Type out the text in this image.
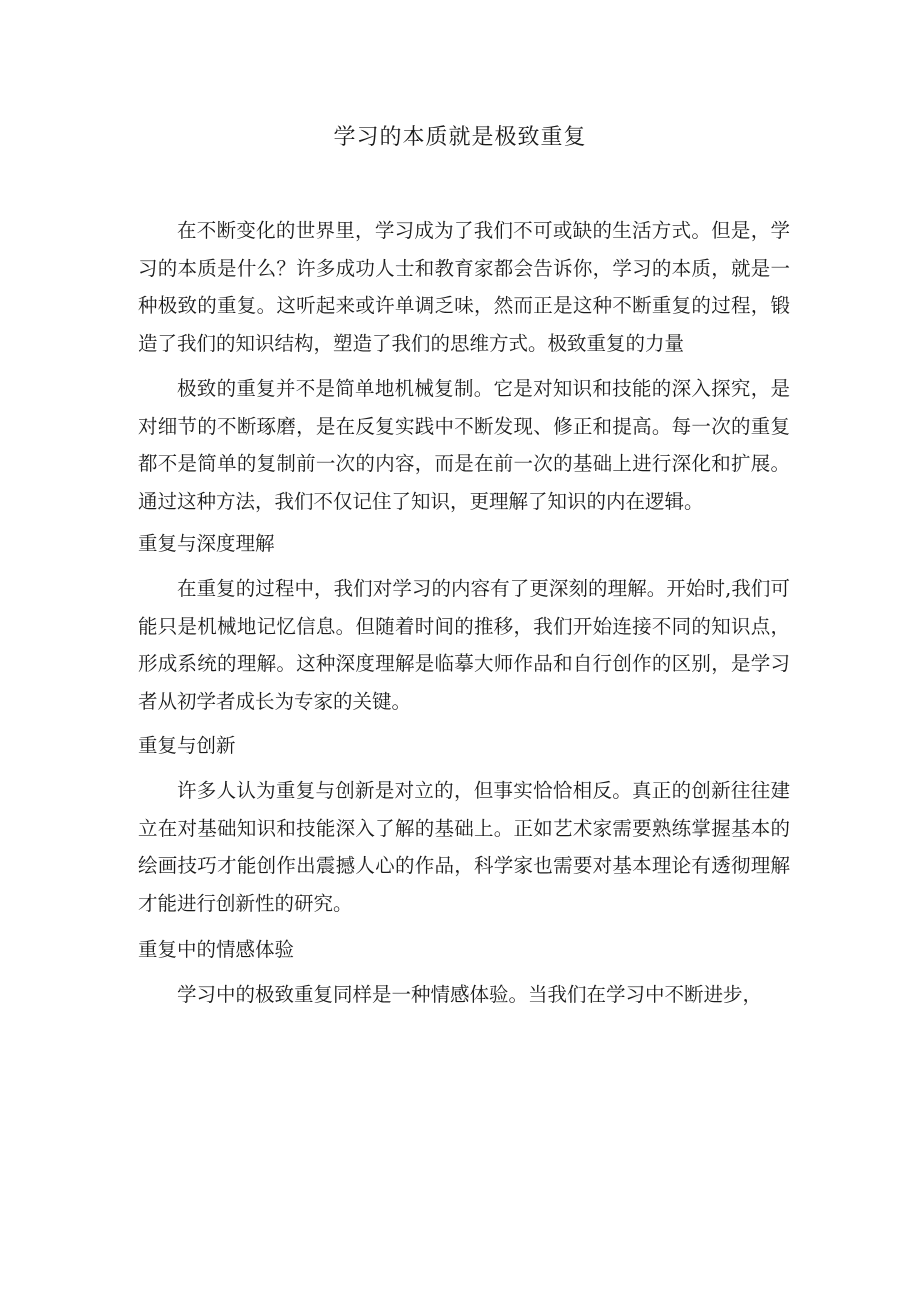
学习的本质就是极致重复

在不断变化的世界里，学习成为了我们不可或缺的生活方式。但是，学习的本质是什么？许多成功人士和教育家都会告诉你，学习的本质，就是一种极致的重复。这听起来或许单调乏味，然而正是这种不断重复的过程，锻造了我们的知识结构，塑造了我们的思维方式。极致重复的力量

极致的重复并不是简单地机械复制。它是对知识和技能的深入探究，是对细节的不断琢磨，是在反复实践中不断发现、修正和提高。每一次的重复都不是简单的复制前一次的内容，而是在前一次的基础上进行深化和扩展。通过这种方法，我们不仅记住了知识，更理解了知识的内在逻辑。

重复与深度理解

在重复的过程中，我们对学习的内容有了更深刻的理解。开始时,我们可能只是机械地记忆信息。但随着时间的推移，我们开始连接不同的知识点，形成系统的理解。这种深度理解是临摹大师作品和自行创作的区别，是学习者从初学者成长为专家的关键。

重复与创新

许多人认为重复与创新是对立的，但事实恰恰相反。真正的创新往往建立在对基础知识和技能深入了解的基础上。正如艺术家需要熟练掌握基本的绘画技巧才能创作出震撼人心的作品，科学家也需要对基本理论有透彻理解才能进行创新性的研究。

重复中的情感体验

学习中的极致重复同样是一种情感体验。当我们在学习中不断进步，
